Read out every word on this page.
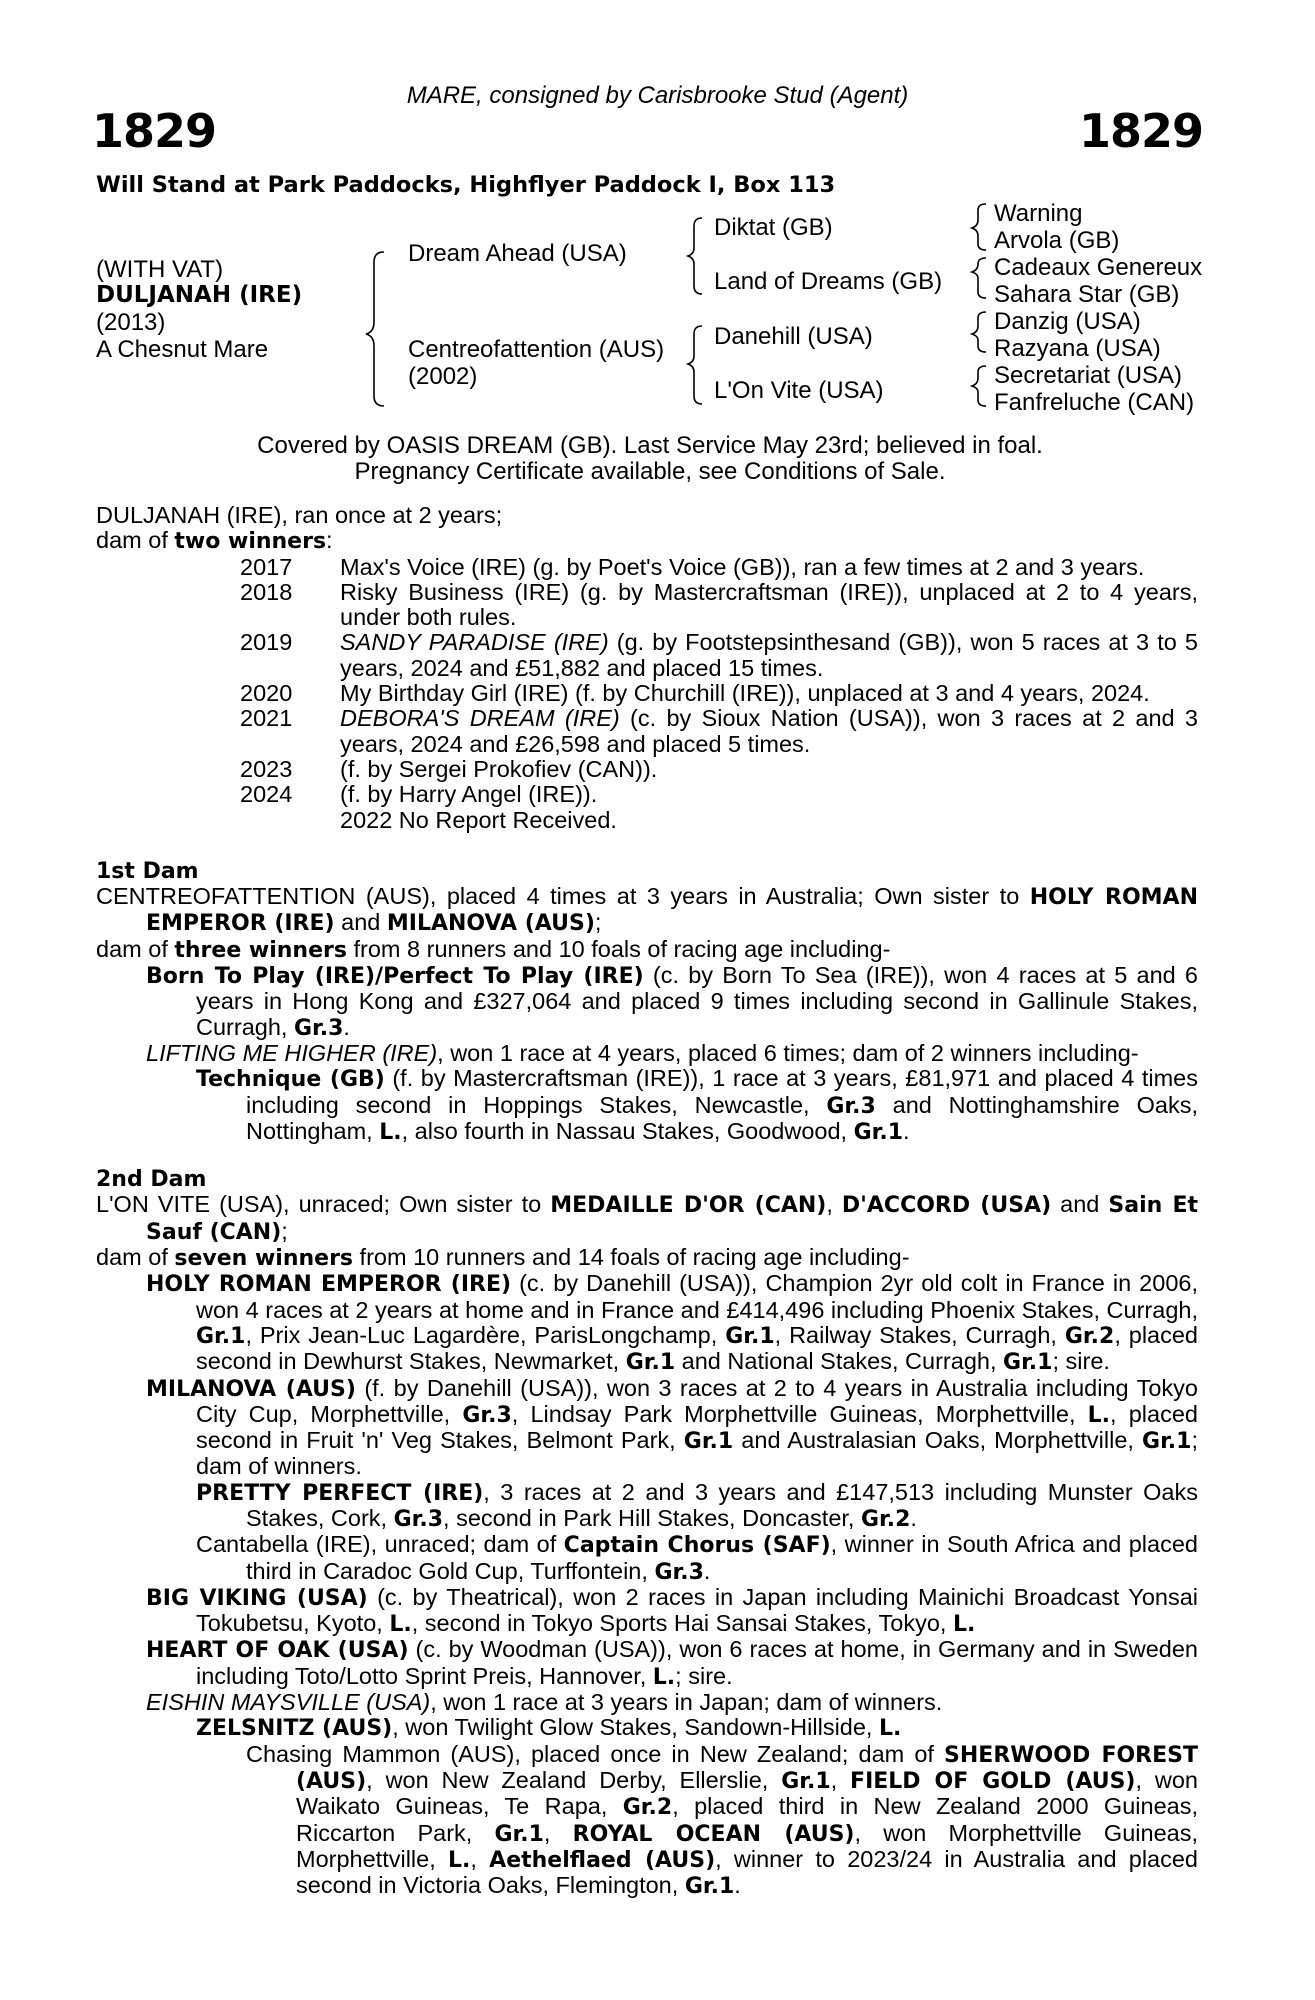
MARE, consigned by Carisbrooke Stud (Agent)
1829	1829
Will Stand at Park Paddocks, Highflyer Paddock I, Box 113
(WITH VAT)
DULJANAH (IRE)
(2013)
A Chesnut Mare
Dream Ahead (USA)
Centreofattention (AUS)
(2002)
Diktat (GB)
Land of Dreams (GB)
Danehill (USA)
L'On Vite (USA)
Warning
Arvola (GB)
Cadeaux Genereux
Sahara Star (GB)
Danzig (USA)
Razyana (USA)
Secretariat (USA)
Fanfreluche (CAN)
Covered by OASIS DREAM (GB). Last Service May 23rd; believed in foal.
Pregnancy Certificate available, see Conditions of Sale.

DULJANAH (IRE), ran once at 2 years;

dam of two winners:

2017 Max's Voice (IRE) (g. by Poet's Voice (GB)), ran a few times at 2 and 3 years.

2018 Risky Business (IRE) (g. by Mastercraftsman (IRE)), unplaced at 2 to 4 years, under both rules.

2019 SANDY PARADISE (IRE) (g. by Footstepsinthesand (GB)), won 5 races at 3 to 5 years, 2024 and £51,882 and placed 15 times.

2020 My Birthday Girl (IRE) (f. by Churchill (IRE)), unplaced at 3 and 4 years, 2024.

2021 DEBORA'S DREAM (IRE) (c. by Sioux Nation (USA)), won 3 races at 2 and 3 years, 2024 and £26,598 and placed 5 times.

2023 (f. by Sergei Prokofiev (CAN)).

2024 (f. by Harry Angel (IRE)).

2022 No Report Received.

1st Dam

CENTREOFATTENTION (AUS), placed 4 times at 3 years in Australia; Own sister to HOLY ROMAN EMPEROR (IRE) and MILANOVA (AUS);

dam of three winners from 8 runners and 10 foals of racing age including-

Born To Play (IRE)/Perfect To Play (IRE) (c. by Born To Sea (IRE)), won 4 races at 5 and 6 years in Hong Kong and £327,064 and placed 9 times including second in Gallinule Stakes, Curragh, Gr.3.

LIFTING ME HIGHER (IRE), won 1 race at 4 years, placed 6 times; dam of 2 winners including-

Technique (GB) (f. by Mastercraftsman (IRE)), 1 race at 3 years, £81,971 and placed 4 times including second in Hoppings Stakes, Newcastle, Gr.3 and Nottinghamshire Oaks, Nottingham, L., also fourth in Nassau Stakes, Goodwood, Gr.1.

2nd Dam

L'ON VITE (USA), unraced; Own sister to MEDAILLE D'OR (CAN), D'ACCORD (USA) and Sain Et Sauf (CAN);

dam of seven winners from 10 runners and 14 foals of racing age including-

HOLY ROMAN EMPEROR (IRE) (c. by Danehill (USA)), Champion 2yr old colt in France in 2006, won 4 races at 2 years at home and in France and £414,496 including Phoenix Stakes, Curragh, Gr.1, Prix Jean-Luc Lagardère, ParisLongchamp, Gr.1, Railway Stakes, Curragh, Gr.2, placed second in Dewhurst Stakes, Newmarket, Gr.1 and National Stakes, Curragh, Gr.1; sire.

MILANOVA (AUS) (f. by Danehill (USA)), won 3 races at 2 to 4 years in Australia including Tokyo City Cup, Morphettville, Gr.3, Lindsay Park Morphettville Guineas, Morphettville, L., placed second in Fruit 'n' Veg Stakes, Belmont Park, Gr.1 and Australasian Oaks, Morphettville, Gr.1; dam of winners.

PRETTY PERFECT (IRE), 3 races at 2 and 3 years and £147,513 including Munster Oaks Stakes, Cork, Gr.3, second in Park Hill Stakes, Doncaster, Gr.2.

Cantabella (IRE), unraced; dam of Captain Chorus (SAF), winner in South Africa and placed third in Caradoc Gold Cup, Turffontein, Gr.3.

BIG VIKING (USA) (c. by Theatrical), won 2 races in Japan including Mainichi Broadcast Yonsai Tokubetsu, Kyoto, L., second in Tokyo Sports Hai Sansai Stakes, Tokyo, L.

HEART OF OAK (USA) (c. by Woodman (USA)), won 6 races at home, in Germany and in Sweden including Toto/Lotto Sprint Preis, Hannover, L.; sire.

EISHIN MAYSVILLE (USA), won 1 race at 3 years in Japan; dam of winners.

ZELSNITZ (AUS), won Twilight Glow Stakes, Sandown-Hillside, L.

Chasing Mammon (AUS), placed once in New Zealand; dam of SHERWOOD FOREST (AUS), won New Zealand Derby, Ellerslie, Gr.1, FIELD OF GOLD (AUS), won Waikato Guineas, Te Rapa, Gr.2, placed third in New Zealand 2000 Guineas, Riccarton Park, Gr.1, ROYAL OCEAN (AUS), won Morphettville Guineas, Morphettville, L., Aethelflaed (AUS), winner to 2023/24 in Australia and placed second in Victoria Oaks, Flemington, Gr.1.
